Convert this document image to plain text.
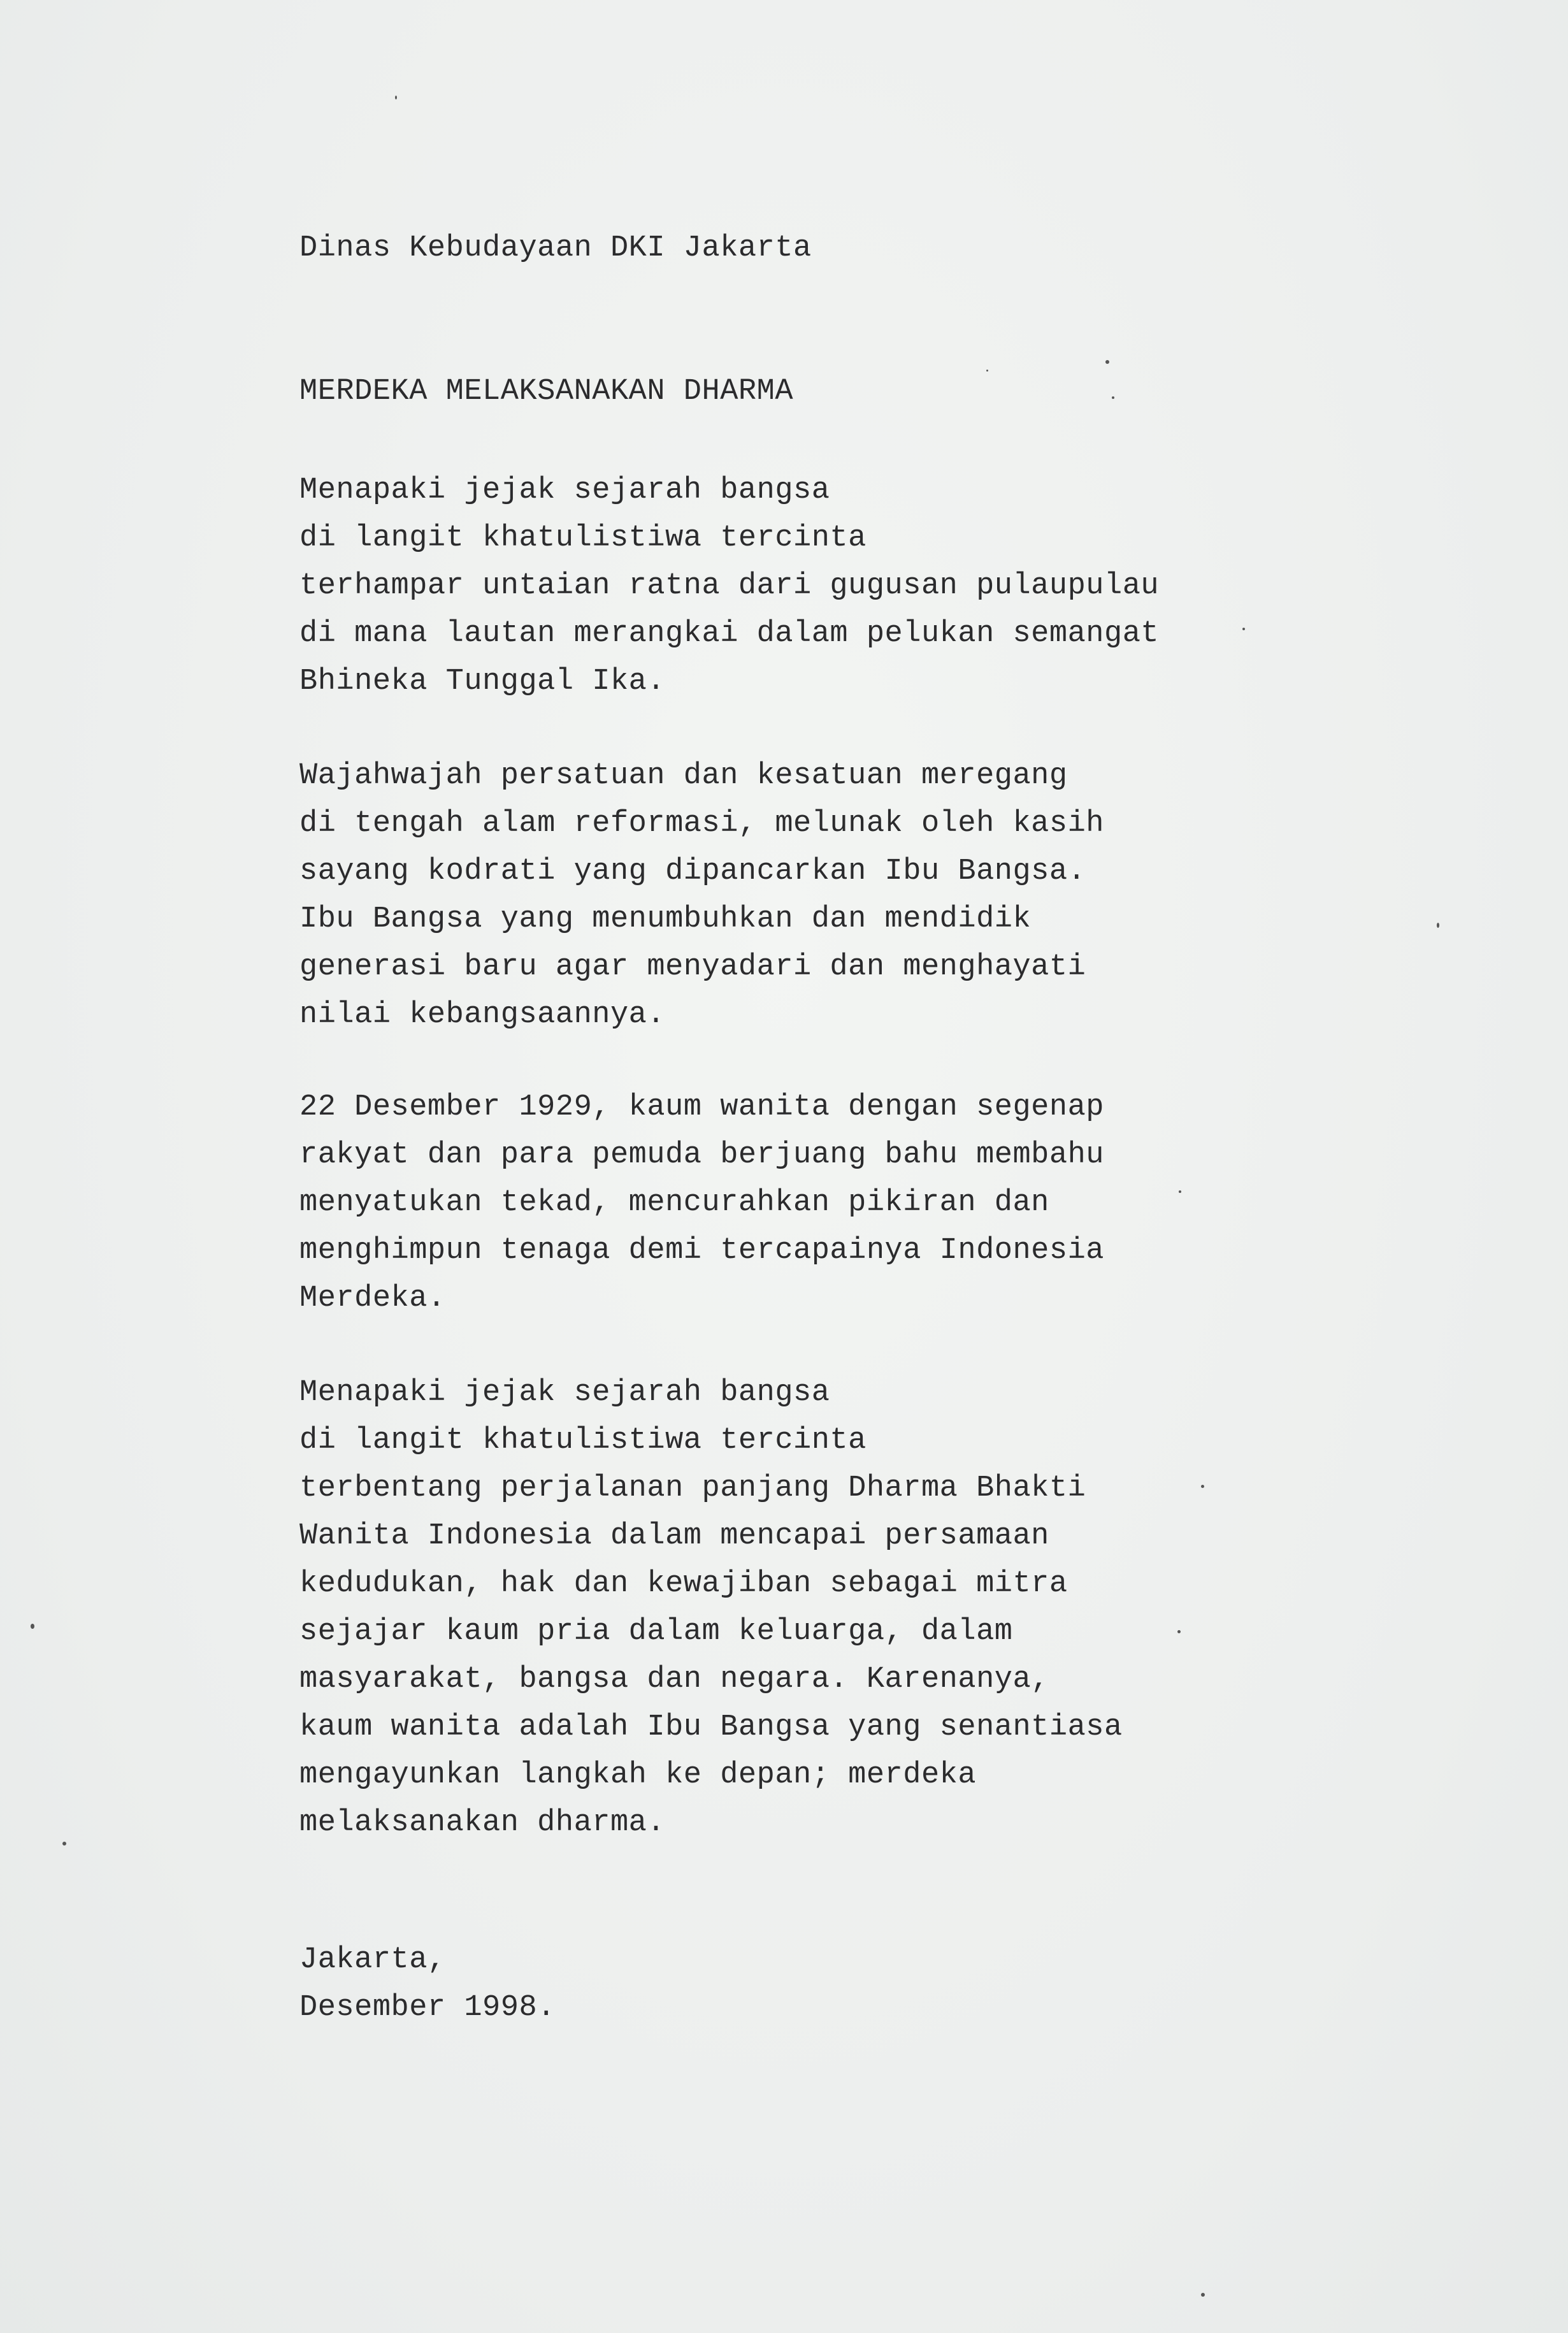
Dinas Kebudayaan DKI Jakarta

MERDEKA MELAKSANAKAN DHARMA

Menapaki jejak sejarah bangsa
di langit khatulistiwa tercinta
terhampar untaian ratna dari gugusan pulaupulau
di mana lautan merangkai dalam pelukan semangat
Bhineka Tunggal Ika.

Wajahwajah persatuan dan kesatuan meregang
di tengah alam reformasi, melunak oleh kasih
sayang kodrati yang dipancarkan Ibu Bangsa.
Ibu Bangsa yang menumbuhkan dan mendidik
generasi baru agar menyadari dan menghayati
nilai kebangsaannya.

22 Desember 1929, kaum wanita dengan segenap
rakyat dan para pemuda berjuang bahu membahu
menyatukan tekad, mencurahkan pikiran dan
menghimpun tenaga demi tercapainya Indonesia
Merdeka.

Menapaki jejak sejarah bangsa
di langit khatulistiwa tercinta
terbentang perjalanan panjang Dharma Bhakti
Wanita Indonesia dalam mencapai persamaan
kedudukan, hak dan kewajiban sebagai mitra
sejajar kaum pria dalam keluarga, dalam
masyarakat, bangsa dan negara. Karenanya,
kaum wanita adalah Ibu Bangsa yang senantiasa
mengayunkan langkah ke depan; merdeka
melaksanakan dharma.

Jakarta,
Desember 1998.
